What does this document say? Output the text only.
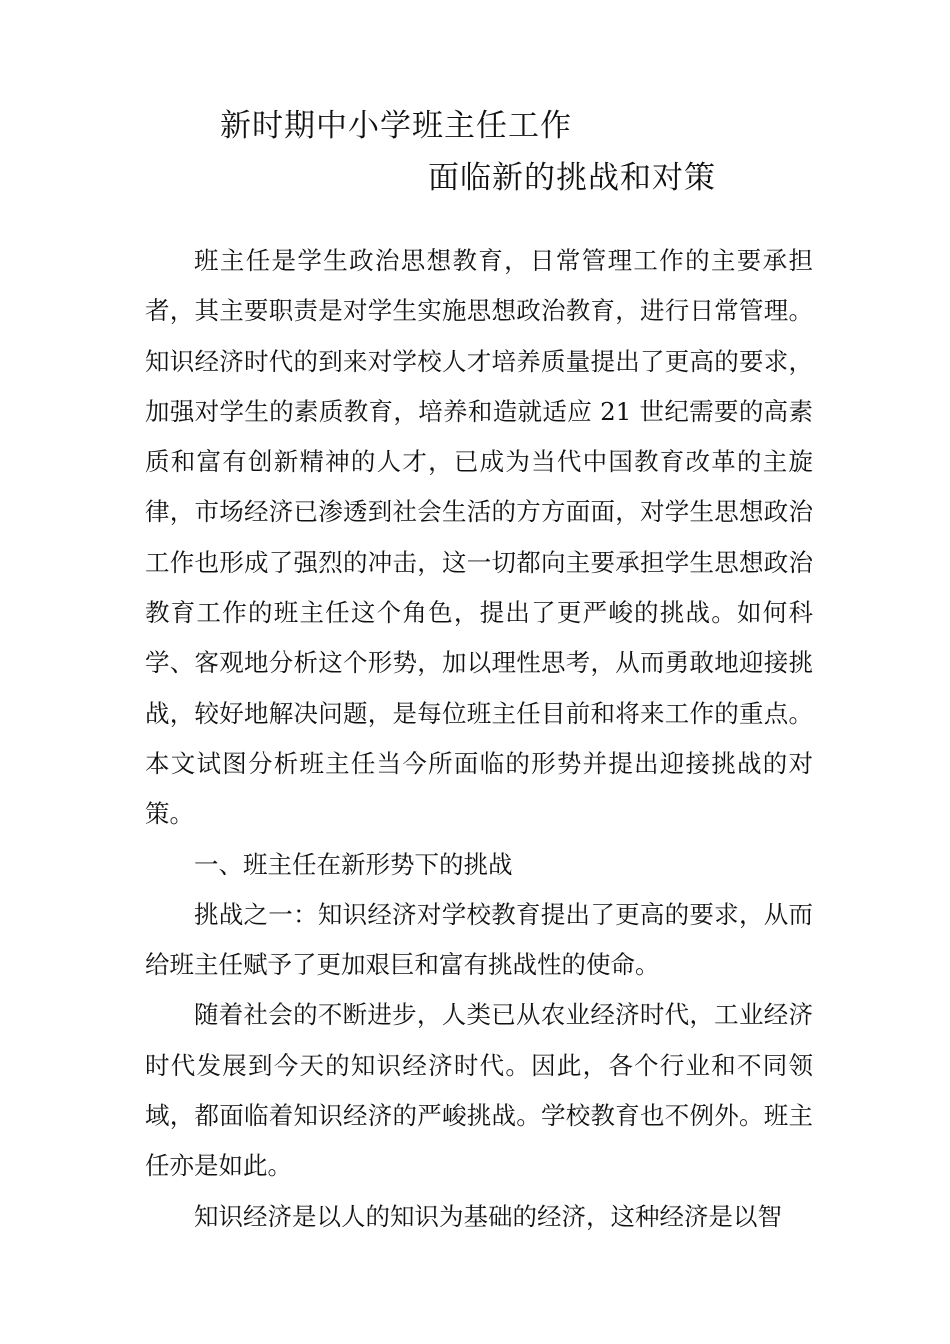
新时期中小学班主任工作
面临新的挑战和对策

班主任是学生政治思想教育，日常管理工作的主要承担者，其主要职责是对学生实施思想政治教育，进行日常管理。知识经济时代的到来对学校人才培养质量提出了更高的要求，加强对学生的素质教育，培养和造就适应 21 世纪需要的高素质和富有创新精神的人才，已成为当代中国教育改革的主旋律，市场经济已渗透到社会生活的方方面面，对学生思想政治工作也形成了强烈的冲击，这一切都向主要承担学生思想政治教育工作的班主任这个角色，提出了更严峻的挑战。如何科学、客观地分析这个形势，加以理性思考，从而勇敢地迎接挑战，较好地解决问题，是每位班主任目前和将来工作的重点。本文试图分析班主任当今所面临的形势并提出迎接挑战的对策。

一、班主任在新形势下的挑战

挑战之一：知识经济对学校教育提出了更高的要求，从而给班主任赋予了更加艰巨和富有挑战性的使命。

随着社会的不断进步，人类已从农业经济时代，工业经济时代发展到今天的知识经济时代。因此，各个行业和不同领域，都面临着知识经济的严峻挑战。学校教育也不例外。班主任亦是如此。

知识经济是以人的知识为基础的经济，这种经济是以智
